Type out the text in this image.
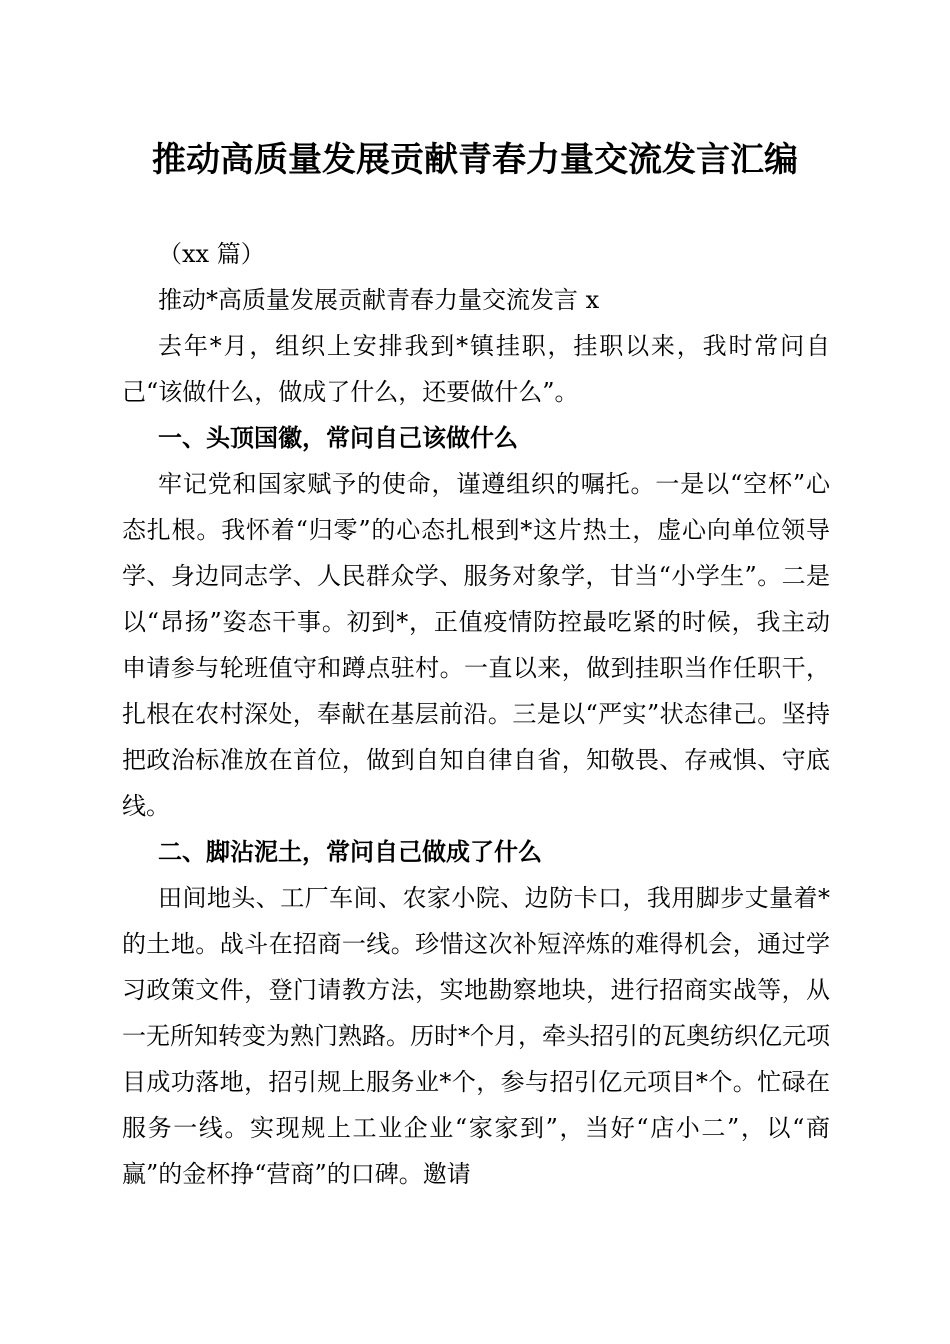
推动高质量发展贡献青春力量交流发言汇编

（xx 篇）

推动*高质量发展贡献青春力量交流发言 x

去年*月，组织上安排我到*镇挂职，挂职以来，我时常问自己“该做什么，做成了什么，还要做什么”。

一、头顶国徽，常问自己该做什么

牢记党和国家赋予的使命，谨遵组织的嘱托。一是以“空杯”心态扎根。我怀着“归零”的心态扎根到*这片热土，虚心向单位领导学、身边同志学、人民群众学、服务对象学，甘当“小学生”。二是以“昂扬”姿态干事。初到*，正值疫情防控最吃紧的时候，我主动申请参与轮班值守和蹲点驻村。一直以来，做到挂职当作任职干，扎根在农村深处，奉献在基层前沿。三是以“严实”状态律己。坚持把政治标准放在首位，做到自知自律自省，知敬畏、存戒惧、守底线。

二、脚沾泥土，常问自己做成了什么

田间地头、工厂车间、农家小院、边防卡口，我用脚步丈量着*的土地。战斗在招商一线。珍惜这次补短淬炼的难得机会，通过学习政策文件，登门请教方法，实地勘察地块，进行招商实战等，从一无所知转变为熟门熟路。历时*个月，牵头招引的瓦奥纺织亿元项目成功落地，招引规上服务业*个，参与招引亿元项目*个。忙碌在服务一线。实现规上工业企业“家家到”，当好“店小二”，以“商赢”的金杯挣“营商”的口碑。邀请
